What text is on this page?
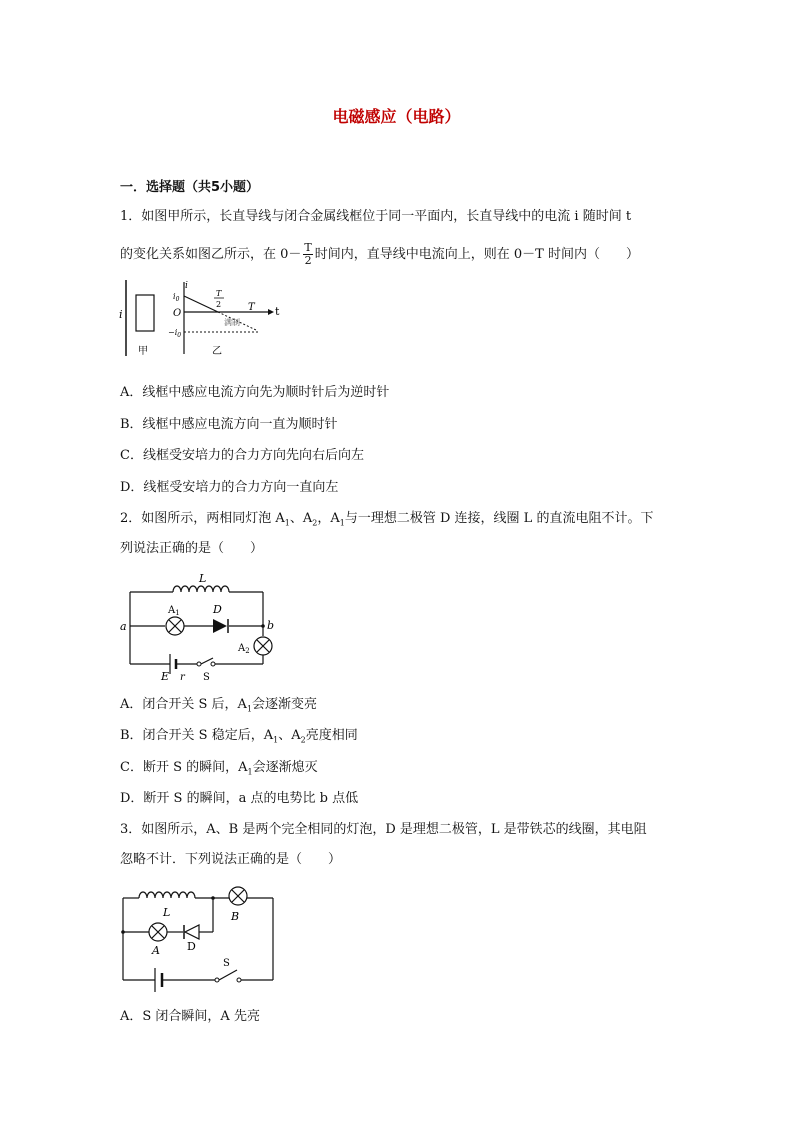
电磁感应（电路）
一．选择题（共5小题）
1．如图甲所示，长直导线与闭合金属线框位于同一平面内，长直导线中的电流 i 随时间 t
的变化关系如图乙所示，在 $0- \frac{T}{2}$ 时间内，直导线中电流向上，则在 0－T 时间内（　　）
i
甲
i
t
$i_0$
O
$-i_0$
T
2	T
满制
乙
A．线框中感应电流方向先为顺时针后为逆时针
B．线框中感应电流方向一直为顺时针
C．线框受安培力的合力方向先向右后向左
D．线框受安培力的合力方向一直向左
2．如图所示，两相同灯泡 $A_1$、$A_2$，$A_1$与一理想二极管 D 连接，线圈 L 的直流电阻不计。下
列说法正确的是（　　）
L
$A_1$	D
a	b
$A_2$
E r S
A．闭合开关 S 后，$A_1$会逐渐变亮
B．闭合开关 S 稳定后，$A_1$、$A_2$亮度相同
C．断开 S 的瞬间，$A_1$会逐渐熄灭
D．断开 S 的瞬间，a 点的电势比 b 点低
3．如图所示，A、B 是两个完全相同的灯泡，D 是理想二极管，L 是带铁芯的线圈，其电阻
忽略不计．下列说法正确的是（　　）
L	B
A D
S
A．S 闭合瞬间，A 先亮
